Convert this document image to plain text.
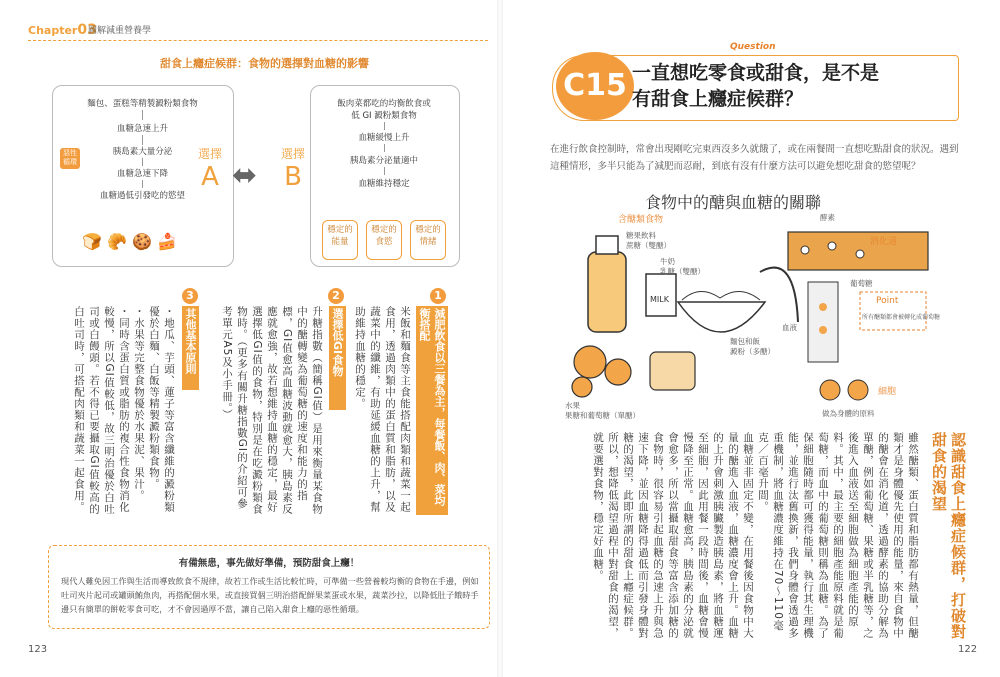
Chapter03
圖解減重營養學
甜食上癮症候群：食物的選擇對血糖的影響
麵包、蛋糕等精製澱粉類食物
血糖急速上升
胰島素大量分泌
血糖急速下降
血糖過低引發吃的慾望
惡性循環
🍞 🥐 🍪 🍰
選擇
A ⬌
選擇
B
飯肉菜都吃的均衡飲食或
低 GI 澱粉類食物
血糖緩慢上升
胰島素分泌量適中
血糖維持穩定
穩定的
能量
穩定的
食慾
穩定的
情緒
1
減肥飲食以三餐為主，每餐飯、肉、菜均衡搭配
米飯和麵食等主食能搭配肉類和蔬菜一起食用，透過肉類中的蛋白質和脂肪，以及蔬菜中的纖維，有助延緩血糖的上升，幫助維持血糖的穩定。
2
選擇低GI食物
升糖指數（簡稱GI值）是用來衡量某食物中的醣轉變為葡萄糖的速度和能力的指標，GI值愈高血糖波動就愈大，胰島素反應就愈強，故若想維持血糖的穩定，最好選擇低GI值的食物，特別是在吃澱粉類食物時。（更多有關升糖指數GI的介紹可參考單元A5及小手冊。）
3
其他基本原則
・地瓜、芋頭、蓮子等富含纖維的澱粉類優於白麵、白飯等精製澱粉類食物。
・水果等完整食物優於水果泥、果汁。
・同時含蛋白質或脂肪的複合性食物消化較慢，所以GI值較低，故三明治優於白吐司或白饅頭。若不得已要攝取GI值較高的白吐司時，可搭配肉類和蔬菜一起食用。
有備無患，事先做好準備，預防甜食上癮！
現代人難免因工作與生活而導致飲食不規律，故若工作或生活比較忙時，可準備一些營養較均衡的食物在手邊，例如吐司夾片起司或罐頭鮪魚肉，再搭配個水果，或直接買個三明治搭配鮮果菜蛋或水果，蔬菜沙拉，以降低肚子餓時手邊只有簡單的餅乾零食可吃，才不會因過厚不當，讓自己陷入甜食上癮的惡性循環。
123
Question
C15 一直想吃零食或甜食，是不是
有甜食上癮症候群？
在進行飲食控制時，常會出現剛吃完東西沒多久就餓了，或在兩餐間一直想吃點甜食的狀況。遇到這種情形，多半只能為了減肥而忍耐，到底有沒有什麼方法可以避免想吃甜食的慾望呢？
食物中的醣與血糖的關聯
MILK
含醣類食物
糖果飲料
蔗糖（雙醣）
牛奶
乳糖（雙醣）
麵包和飯
澱粉（多醣）
水果
果糖和葡萄糖（單醣）
酵素
消化道
葡萄糖
血液
Point
所有醣類都會被轉化成葡萄糖
細胞
做為身體的原料
認識甜食上癮症候群，打破對甜食的渴望
雖然醣類、蛋白質和脂肪都有熱量，但醣類才是身體優先使用的能量，來自食物中的醣會在消化道，透過酵素的協助分解為單醣，例如葡萄糖、果糖或半乳糖等，之後進入血液送至細胞做為細胞產能的原料。其中，最主要的細胞產能原料就是葡萄糖，而血中的葡萄糖則稱為血糖。為了保細胞隨時都可獲得能量，執行其生理機能，並進行汰舊換新，我們身體會透過多重機制，將血糖濃度維持在70～110毫克／百毫升間。
血糖並非固定不變，在用餐後因食物中大量的醣進入血液，血糖濃度會上升。血糖的上升會刺激胰臟製造胰島素，將血糖運至細胞，因此用餐一段時間後，血糖會慢慢降至正常。血糖愈高，胰島素的分泌就會愈多，所以當攝取甜食等富含添加糖的食物時，很容易引起血糖的急速上升與急速下降，並因血糖降得過低而引發身體對糖的渴望，此即所謂的甜食上癮症候群。所以，想降低渴望過程中對甜食的渴望，就要選對食物，穩定好血糖。
122
